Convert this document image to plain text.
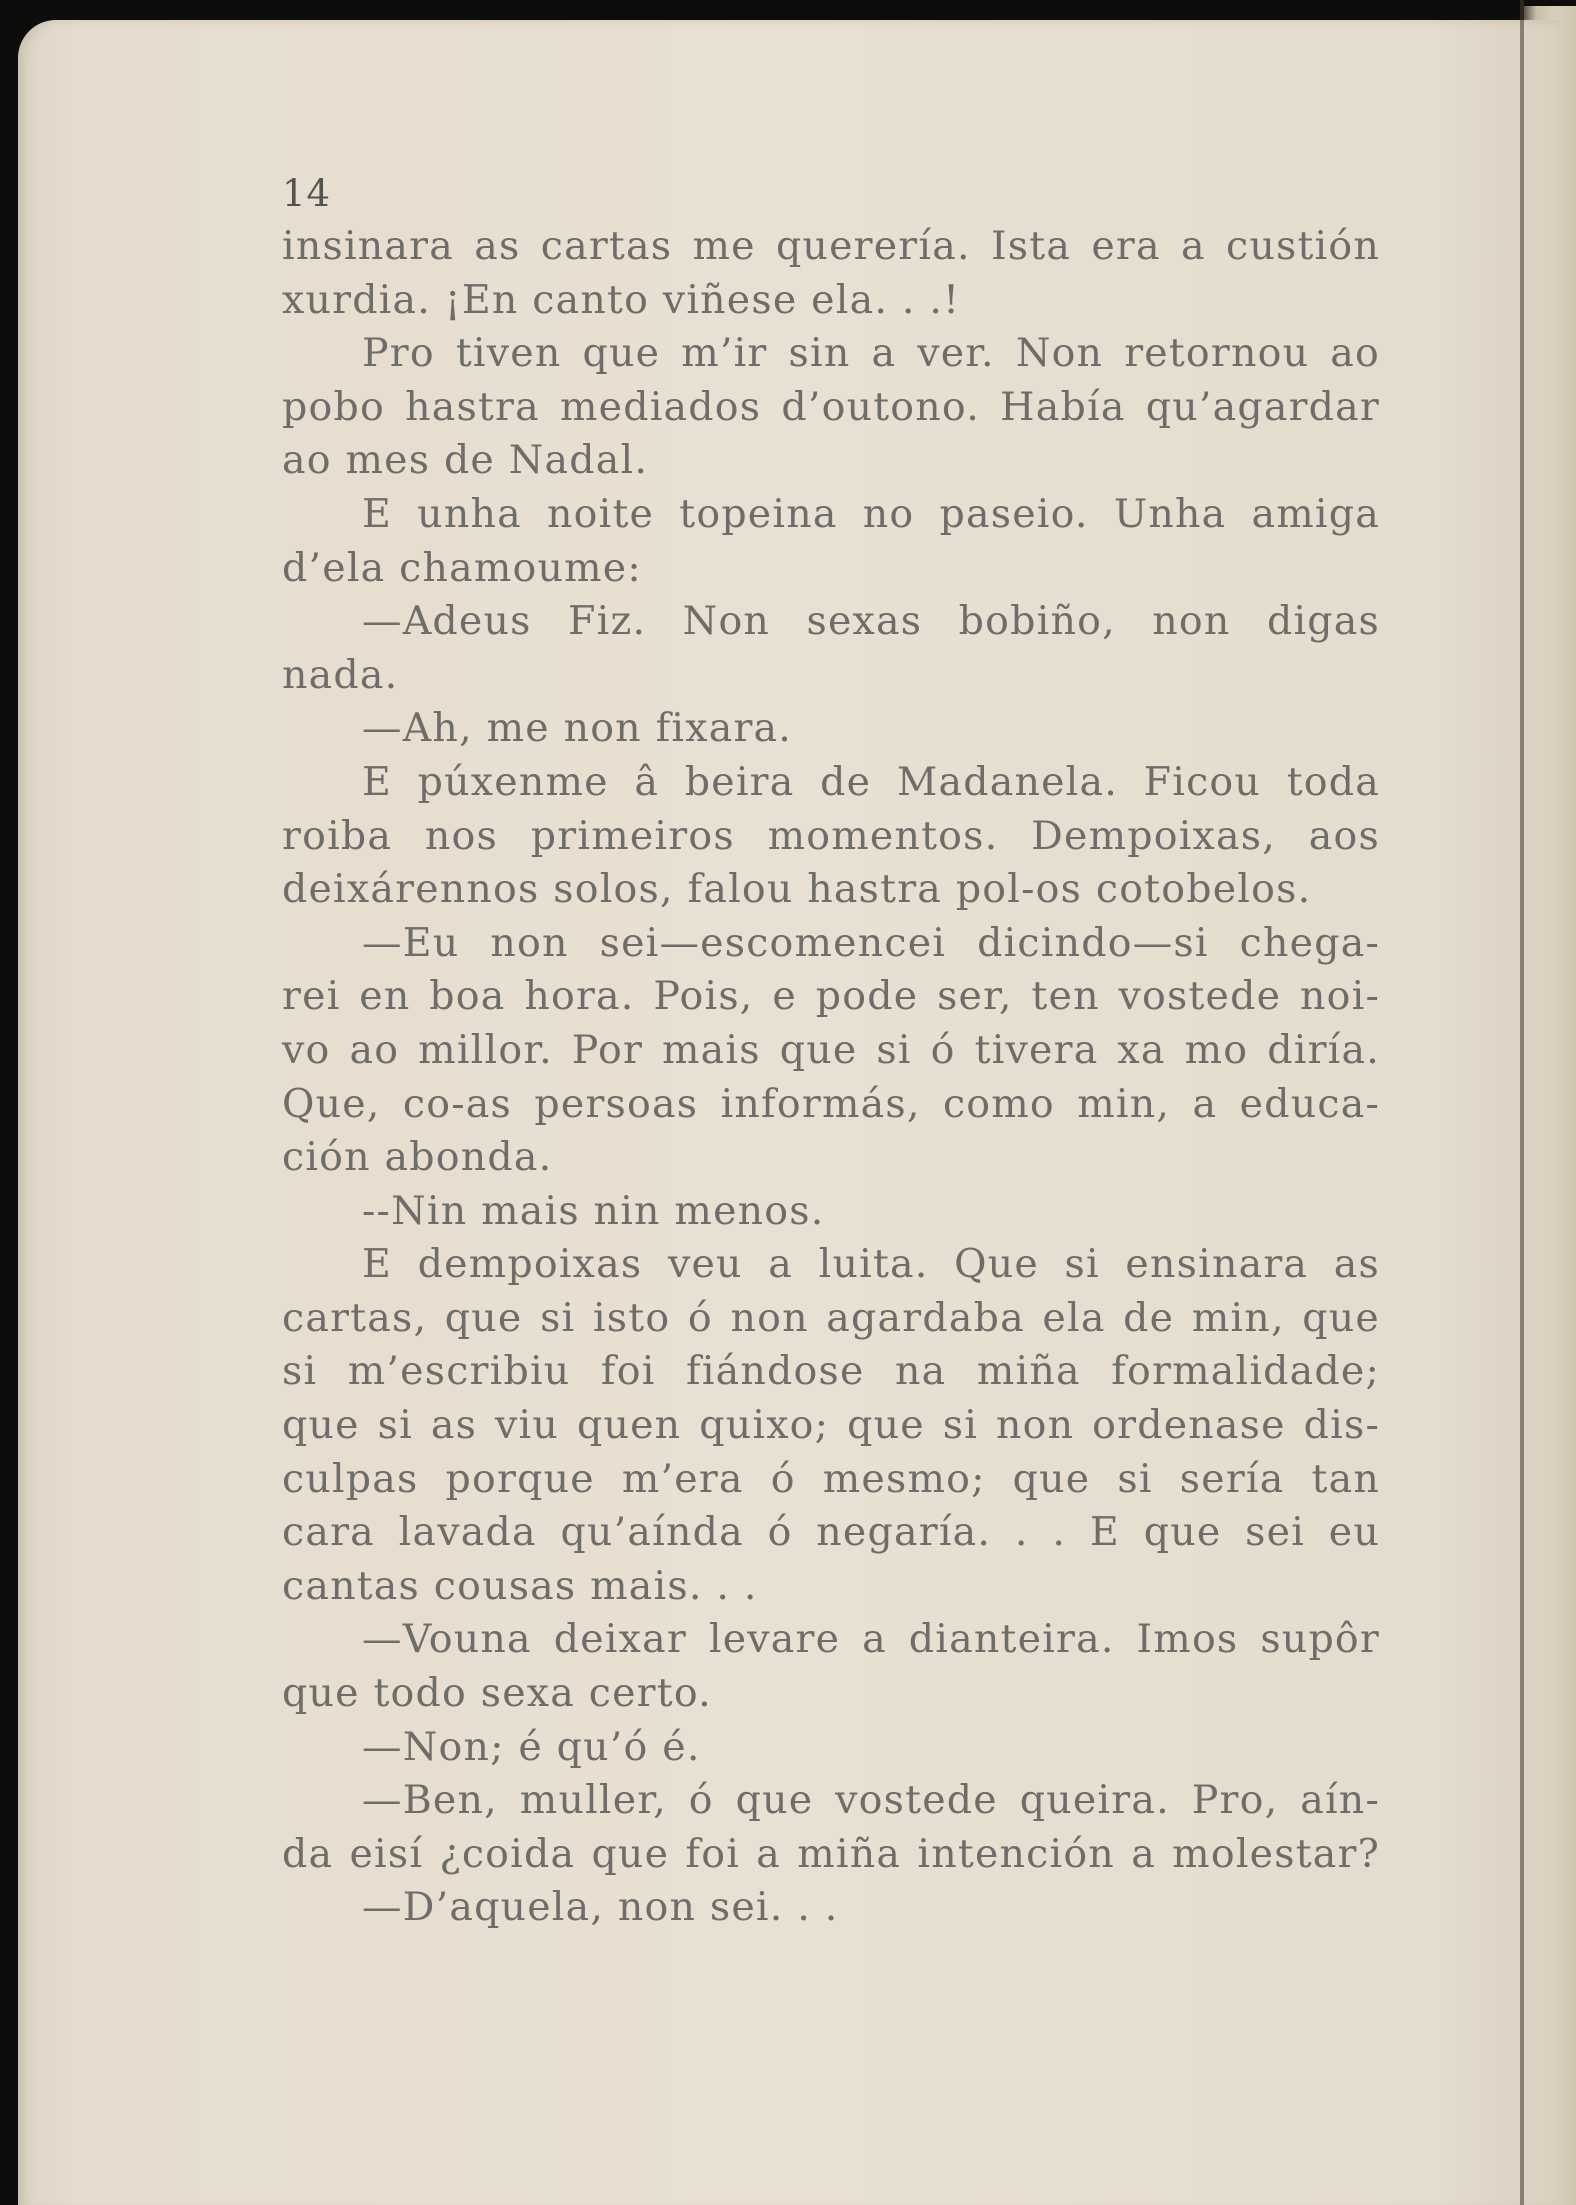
14
insinara as cartas me querería. Ista era a custión
xurdia. ¡En canto viñese ela. . .!
Pro tiven que m’ir sin a ver. Non retornou ao
pobo hastra mediados d’outono. Había qu’agardar
ao mes de Nadal.
E unha noite topeina no paseio. Unha amiga
d’ela chamoume:
—Adeus Fiz. Non sexas bobiño, non digas
nada.
—Ah, me non fixara.
E púxenme â beira de Madanela. Ficou toda
roiba nos primeiros momentos. Dempoixas, aos
deixárennos solos, falou hastra pol-os cotobelos.
—Eu non sei—escomencei dicindo—si chega-
rei en boa hora. Pois, e pode ser, ten vostede noi-
vo ao millor. Por mais que si ó tivera xa mo diría.
Que, co-as persoas informás, como min, a educa-
ción abonda.
--Nin mais nin menos.
E dempoixas veu a luita. Que si ensinara as
cartas, que si isto ó non agardaba ela de min, que
si m’escribiu foi fiándose na miña formalidade;
que si as viu quen quixo; que si non ordenase dis-
culpas porque m’era ó mesmo; que si sería tan
cara lavada qu’aínda ó negaría. . . E que sei eu
cantas cousas mais. . .
—Vouna deixar levare a dianteira. Imos supôr
que todo sexa certo.
—Non; é qu’ó é.
—Ben, muller, ó que vostede queira. Pro, aín-
da eisí ¿coida que foi a miña intención a molestar?
—D’aquela, non sei. . .
